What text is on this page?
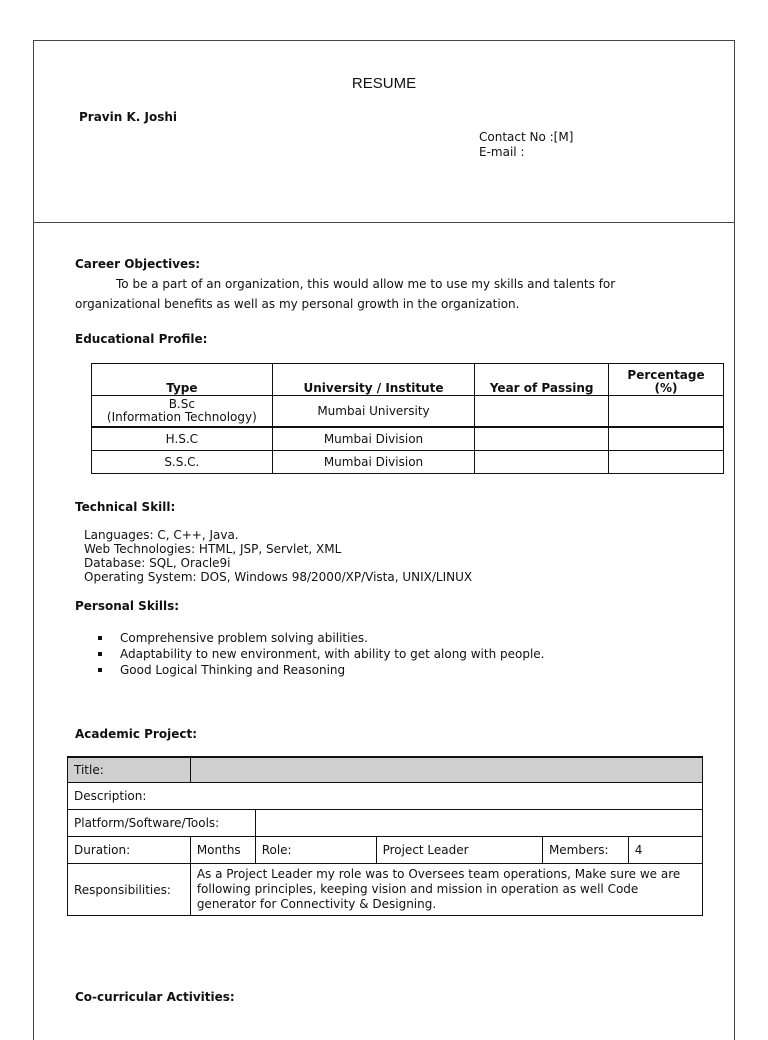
RESUME
Pravin K. Joshi
Contact No :[M]
E-mail :
Career Objectives:
To be a part of an organization, this would allow me to use my skills and talents for
organizational benefits as well as my personal growth in the organization.
Educational Profile:
Type	University / Institute	Year of Passing	Percentage
(%)

B.Sc
(Information Technology)	Mumbai University		
H.S.C	Mumbai Division		
S.S.C.	Mumbai Division		
Technical Skill:
Languages: C, C++, Java.
Web Technologies: HTML, JSP, Servlet, XML
Database: SQL, Oracle9i
Operating System: DOS, Windows 98/2000/XP/Vista, UNIX/LINUX
Personal Skills:
Comprehensive problem solving abilities.
Adaptability to new environment, with ability to get along with people.
Good Logical Thinking and Reasoning
Academic Project:
Title:					
Description:					
Platform/Software/Tools:					
Duration:	Months	Role:	Project Leader	Members:	4
Responsibilities:	As a Project Leader my role was to Oversees team operations, Make sure we are following principles, keeping vision and mission in operation as well Code generator for Connectivity & Designing.				
Co-curricular Activities:
